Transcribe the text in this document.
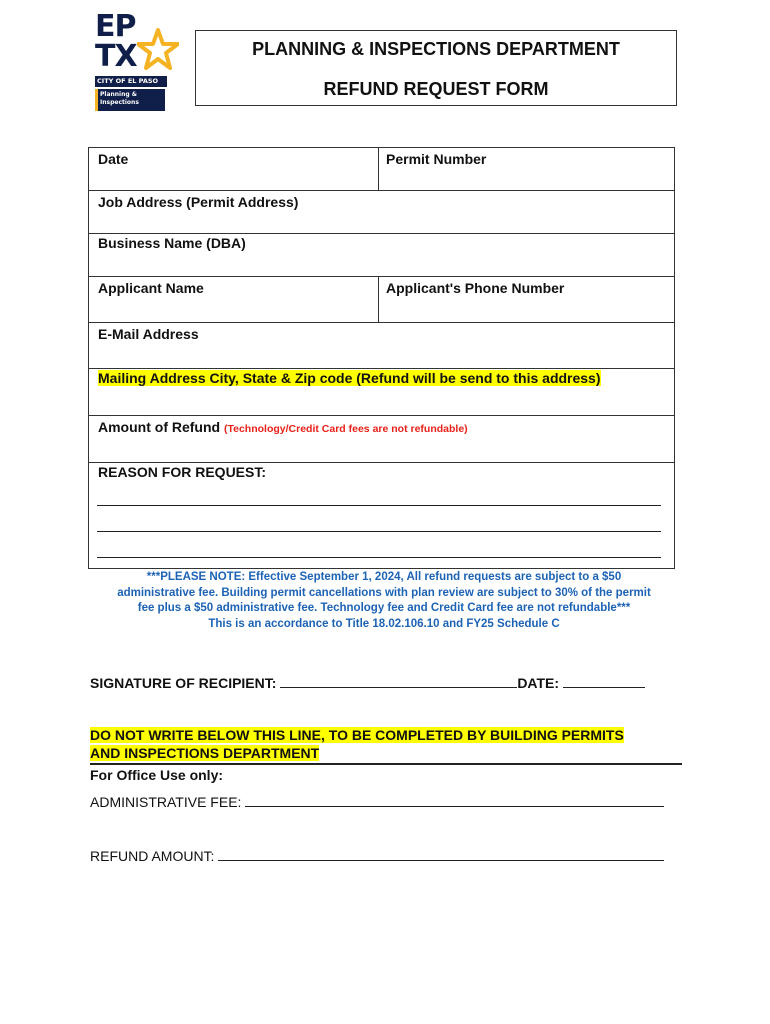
EP
TX
CITY OF EL PASO
Planning &
Inspections
PLANNING & INSPECTIONS DEPARTMENT
REFUND REQUEST FORM
Date	Permit Number
Job Address (Permit Address)
Business Name (DBA)
Applicant Name	Applicant's Phone Number
E-Mail Address
Mailing Address City, State & Zip code (Refund will be send to this address)
Amount of Refund (Technology/Credit Card fees are not refundable)
REASON FOR REQUEST:
***PLEASE NOTE: Effective September 1, 2024, All refund requests are subject to a $50
administrative fee. Building permit cancellations with plan review are subject to 30% of the permit
fee plus a $50 administrative fee. Technology fee and Credit Card fee are not refundable***
This is an accordance to Title 18.02.106.10 and FY25 Schedule C
SIGNATURE OF RECIPIENT:	DATE:
DO NOT WRITE BELOW THIS LINE, TO BE COMPLETED BY BUILDING PERMITS
AND INSPECTIONS DEPARTMENT
For Office Use only:
ADMINISTRATIVE FEE:
REFUND AMOUNT:
